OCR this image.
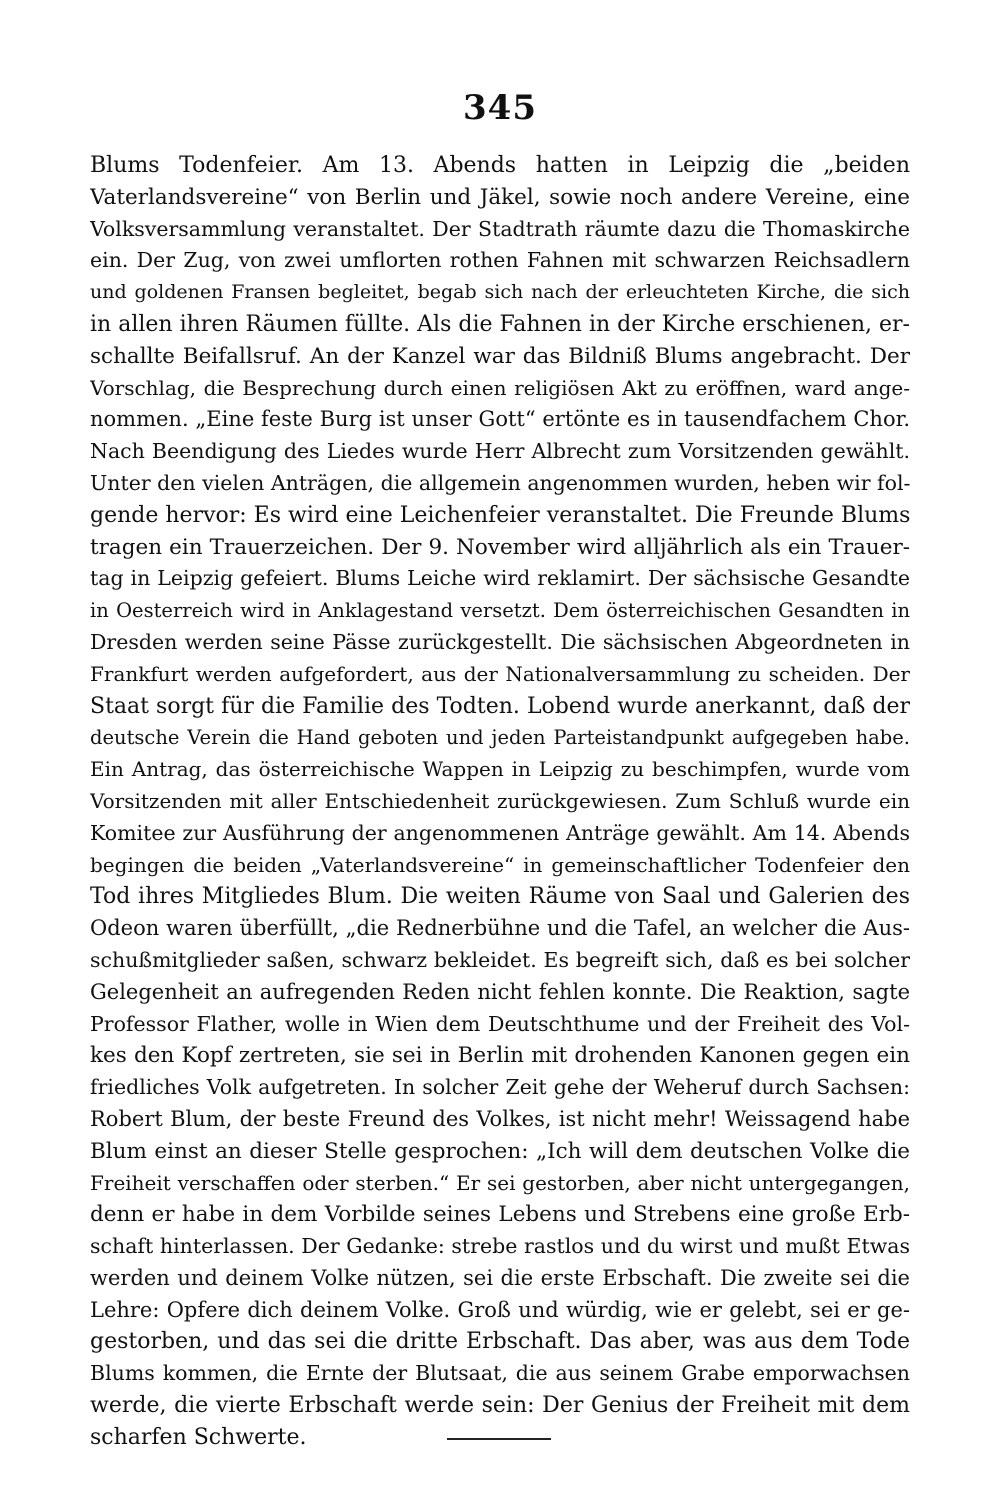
345
Blums Todenfeier. Am 13. Abends hatten in Leipzig die „beiden
Vaterlandsvereine“ von Berlin und Jäkel, sowie noch andere Vereine, eine
Volksversammlung veranstaltet. Der Stadtrath räumte dazu die Thomaskirche
ein. Der Zug, von zwei umflorten rothen Fahnen mit schwarzen Reichsadlern
und goldenen Fransen begleitet, begab sich nach der erleuchteten Kirche, die sich
in allen ihren Räumen füllte. Als die Fahnen in der Kirche erschienen, er-
schallte Beifallsruf. An der Kanzel war das Bildniß Blums angebracht. Der
Vorschlag, die Besprechung durch einen religiösen Akt zu eröffnen, ward ange-
nommen. „Eine feste Burg ist unser Gott“ ertönte es in tausendfachem Chor.
Nach Beendigung des Liedes wurde Herr Albrecht zum Vorsitzenden gewählt.
Unter den vielen Anträgen, die allgemein angenommen wurden, heben wir fol-
gende hervor: Es wird eine Leichenfeier veranstaltet. Die Freunde Blums
tragen ein Trauerzeichen. Der 9. November wird alljährlich als ein Trauer-
tag in Leipzig gefeiert. Blums Leiche wird reklamirt. Der sächsische Gesandte
in Oesterreich wird in Anklagestand versetzt. Dem österreichischen Gesandten in
Dresden werden seine Pässe zurückgestellt. Die sächsischen Abgeordneten in
Frankfurt werden aufgefordert, aus der Nationalversammlung zu scheiden. Der
Staat sorgt für die Familie des Todten. Lobend wurde anerkannt, daß der
deutsche Verein die Hand geboten und jeden Parteistandpunkt aufgegeben habe.
Ein Antrag, das österreichische Wappen in Leipzig zu beschimpfen, wurde vom
Vorsitzenden mit aller Entschiedenheit zurückgewiesen. Zum Schluß wurde ein
Komitee zur Ausführung der angenommenen Anträge gewählt. Am 14. Abends
begingen die beiden „Vaterlandsvereine“ in gemeinschaftlicher Todenfeier den
Tod ihres Mitgliedes Blum. Die weiten Räume von Saal und Galerien des
Odeon waren überfüllt, „die Rednerbühne und die Tafel, an welcher die Aus-
schußmitglieder saßen, schwarz bekleidet. Es begreift sich, daß es bei solcher
Gelegenheit an aufregenden Reden nicht fehlen konnte. Die Reaktion, sagte
Professor Flather, wolle in Wien dem Deutschthume und der Freiheit des Vol-
kes den Kopf zertreten, sie sei in Berlin mit drohenden Kanonen gegen ein
friedliches Volk aufgetreten. In solcher Zeit gehe der Weheruf durch Sachsen:
Robert Blum, der beste Freund des Volkes, ist nicht mehr! Weissagend habe
Blum einst an dieser Stelle gesprochen: „Ich will dem deutschen Volke die
Freiheit verschaffen oder sterben.“ Er sei gestorben, aber nicht untergegangen,
denn er habe in dem Vorbilde seines Lebens und Strebens eine große Erb-
schaft hinterlassen. Der Gedanke: strebe rastlos und du wirst und mußt Etwas
werden und deinem Volke nützen, sei die erste Erbschaft. Die zweite sei die
Lehre: Opfere dich deinem Volke. Groß und würdig, wie er gelebt, sei er ge-
gestorben, und das sei die dritte Erbschaft. Das aber, was aus dem Tode
Blums kommen, die Ernte der Blutsaat, die aus seinem Grabe emporwachsen
werde, die vierte Erbschaft werde sein: Der Genius der Freiheit mit dem
scharfen Schwerte.
